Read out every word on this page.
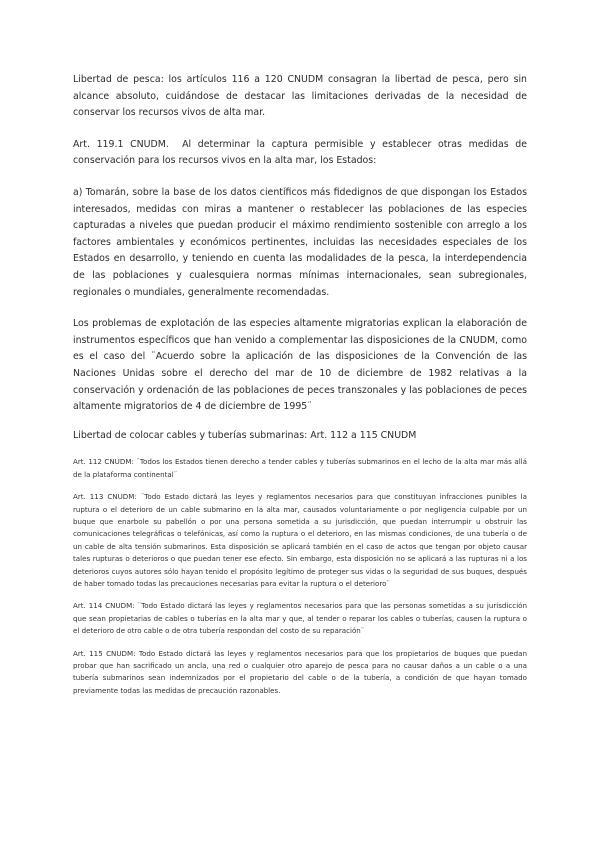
Libertad de pesca: los artículos 116 a 120 CNUDM consagran la libertad de pesca, pero sin alcance absoluto, cuidándose de destacar las limitaciones derivadas de la necesidad de conservar los recursos vivos de alta mar.

Art. 119.1 CNUDM.  Al determinar la captura permisible y establecer otras medidas de conservación para los recursos vivos en la alta mar, los Estados:

a) Tomarán, sobre la base de los datos científicos más fidedignos de que dispongan los Estados interesados, medidas con miras a mantener o restablecer las poblaciones de las especies capturadas a niveles que puedan producir el máximo rendimiento sostenible con arreglo a los factores ambientales y económicos pertinentes, incluidas las necesidades especiales de los Estados en desarrollo, y teniendo en cuenta las modalidades de la pesca, la interdependencia de las poblaciones y cualesquiera normas mínimas internacionales, sean subregionales, regionales o mundiales, generalmente recomendadas.

Los problemas de explotación de las especies altamente migratorias explican la elaboración de instrumentos específicos que han venido a complementar las disposiciones de la CNUDM, como es el caso del ¨Acuerdo sobre la aplicación de las disposiciones de la Convención de las Naciones Unidas sobre el derecho del mar de 10 de diciembre de 1982 relativas a la conservación y ordenación de las poblaciones de peces transzonales y las poblaciones de peces altamente migratorios de 4 de diciembre de 1995¨

Libertad de colocar cables y tuberías submarinas: Art. 112 a 115 CNUDM

Art. 112 CNUDM: ¨Todos los Estados tienen derecho a tender cables y tuberías submarinos en el lecho de la alta mar más allá de la plataforma continental¨

Art. 113 CNUDM: ¨Todo Estado dictará las leyes y reglamentos necesarios para que constituyan infracciones punibles la ruptura o el deterioro de un cable submarino en la alta mar, causados voluntariamente o por negligencia culpable por un buque que enarbole su pabellón o por una persona sometida a su jurisdicción, que puedan interrumpir u obstruir las comunicaciones telegráficas o telefónicas, así como la ruptura o el deterioro, en las mismas condiciones, de una tubería o de un cable de alta tensión submarinos. Esta disposición se aplicará también en el caso de actos que tengan por objeto causar tales rupturas o deterioros o que puedan tener ese efecto. Sin embargo, esta disposición no se aplicará a las rupturas ni a los deterioros cuyos autores sólo hayan tenido el propósito legítimo de proteger sus vidas o la seguridad de sus buques, después de haber tomado todas las precauciones necesarias para evitar la ruptura o el deterioro¨

Art. 114 CNUDM: ¨Todo Estado dictará las leyes y reglamentos necesarios para que las personas sometidas a su jurisdicción que sean propietarias de cables o tuberías en la alta mar y que, al tender o reparar los cables o tuberías, causen la ruptura o el deterioro de otro cable o de otra tubería respondan del costo de su reparación¨

Art. 115 CNUDM: Todo Estado dictará las leyes y reglamentos necesarios para que los propietarios de buques que puedan probar que han sacrificado un ancla, una red o cualquier otro aparejo de pesca para no causar daños a un cable o a una tubería submarinos sean indemnizados por el propietario del cable o de la tubería, a condición de que hayan tomado previamente todas las medidas de precaución razonables.
